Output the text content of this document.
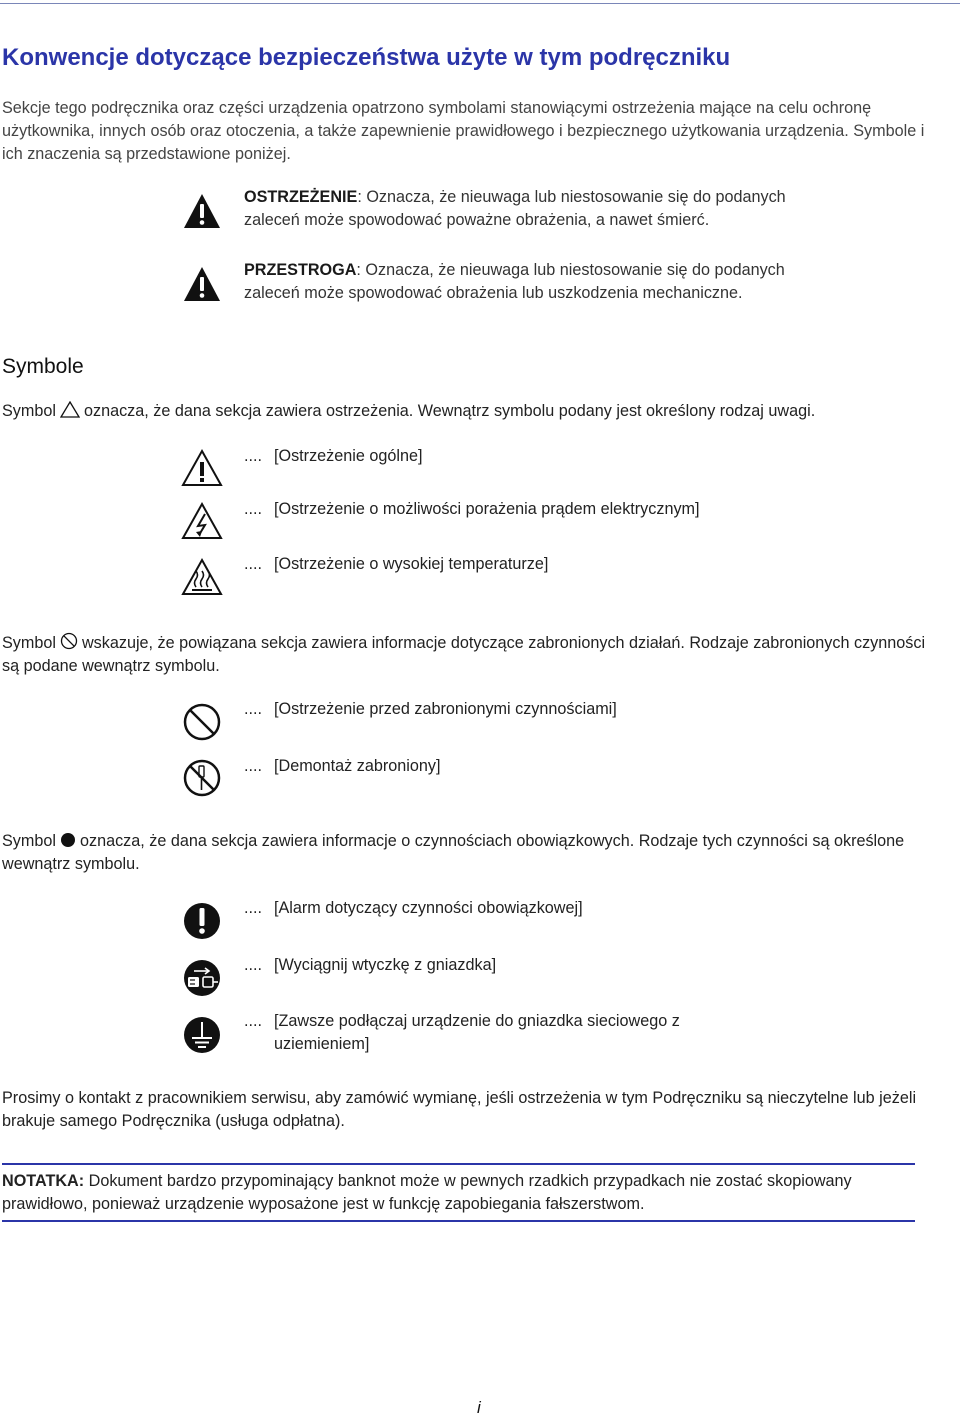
Konwencje dotyczące bezpieczeństwa użyte w tym podręczniku

Sekcje tego podręcznika oraz części urządzenia opatrzono symbolami stanowiącymi ostrzeżenia mające na celu ochronę użytkownika, innych osób oraz otoczenia, a także zapewnienie prawidłowego i bezpiecznego użytkowania urządzenia. Symbole i ich znaczenia są przedstawione poniżej.

OSTRZEŻENIE: Oznacza, że nieuwaga lub niestosowanie się do podanych zaleceń może spowodować poważne obrażenia, a nawet śmierć.

PRZESTROGA: Oznacza, że nieuwaga lub niestosowanie się do podanych zaleceń może spowodować obrażenia lub uszkodzenia mechaniczne.

Symbole

Symbol oznacza, że dana sekcja zawiera ostrzeżenia. Wewnątrz symbolu podany jest określony rodzaj uwagi.

.... [Ostrzeżenie ogólne]
.... [Ostrzeżenie o możliwości porażenia prądem elektrycznym]
.... [Ostrzeżenie o wysokiej temperaturze]

Symbol wskazuje, że powiązana sekcja zawiera informacje dotyczące zabronionych działań. Rodzaje zabronionych czynności są podane wewnątrz symbolu.

.... [Ostrzeżenie przed zabronionymi czynnościami]
.... [Demontaż zabroniony]

Symbol oznacza, że dana sekcja zawiera informacje o czynnościach obowiązkowych. Rodzaje tych czynności są określone wewnątrz symbolu.

.... [Alarm dotyczący czynności obowiązkowej]
.... [Wyciągnij wtyczkę z gniazdka]
.... [Zawsze podłączaj urządzenie do gniazdka sieciowego z uziemieniem]

Prosimy o kontakt z pracownikiem serwisu, aby zamówić wymianę, jeśli ostrzeżenia w tym Podręczniku są nieczytelne lub jeżeli brakuje samego Podręcznika (usługa odpłatna).

NOTATKA: Dokument bardzo przypominający banknot może w pewnych rzadkich przypadkach nie zostać skopiowany prawidłowo, ponieważ urządzenie wyposażone jest w funkcję zapobiegania fałszerstwom.

i
